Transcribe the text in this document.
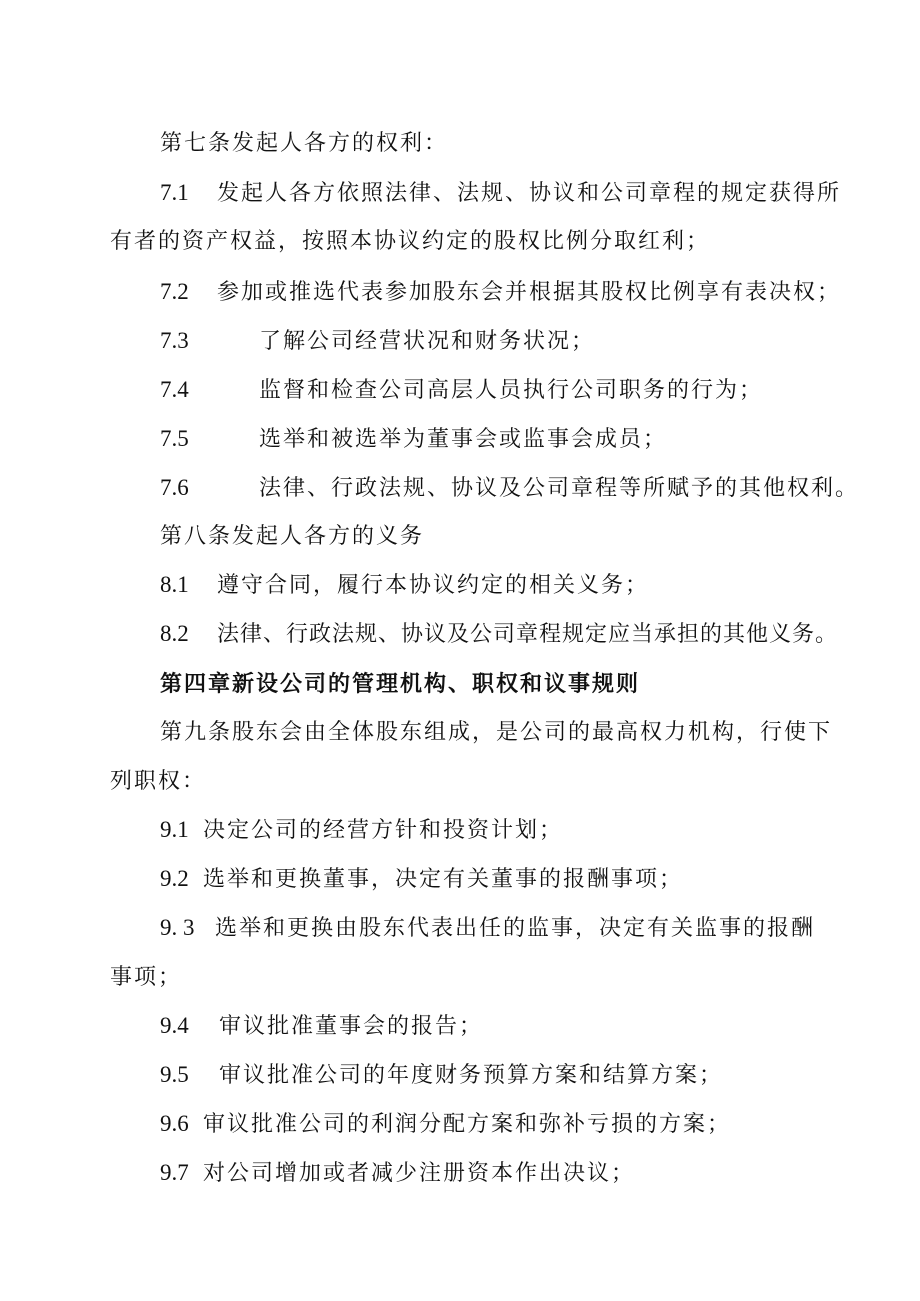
第七条发起人各方的权利：
7.1 发起人各方依照法律、法规、协议和公司章程的规定获得所
有者的资产权益，按照本协议约定的股权比例分取红利；
7.2 参加或推选代表参加股东会并根据其股权比例享有表决权；
7.3	了解公司经营状况和财务状况；
7.4	监督和检查公司高层人员执行公司职务的行为；
7.5	选举和被选举为董事会或监事会成员；
7.6	法律、行政法规、协议及公司章程等所赋予的其他权利。
第八条发起人各方的义务
8.1 遵守合同，履行本协议约定的相关义务；
8.2 法律、行政法规、协议及公司章程规定应当承担的其他义务。
第四章新设公司的管理机构、职权和议事规则
第九条股东会由全体股东组成，是公司的最高权力机构，行使下
列职权：
9.1 决定公司的经营方针和投资计划；
9.2 选举和更换董事，决定有关董事的报酬事项；
9. 3 选举和更换由股东代表出任的监事，决定有关监事的报酬
事项；
9.4 审议批准董事会的报告；
9.5 审议批准公司的年度财务预算方案和结算方案；
9.6 审议批准公司的利润分配方案和弥补亏损的方案；
9.7 对公司增加或者减少注册资本作出决议；
